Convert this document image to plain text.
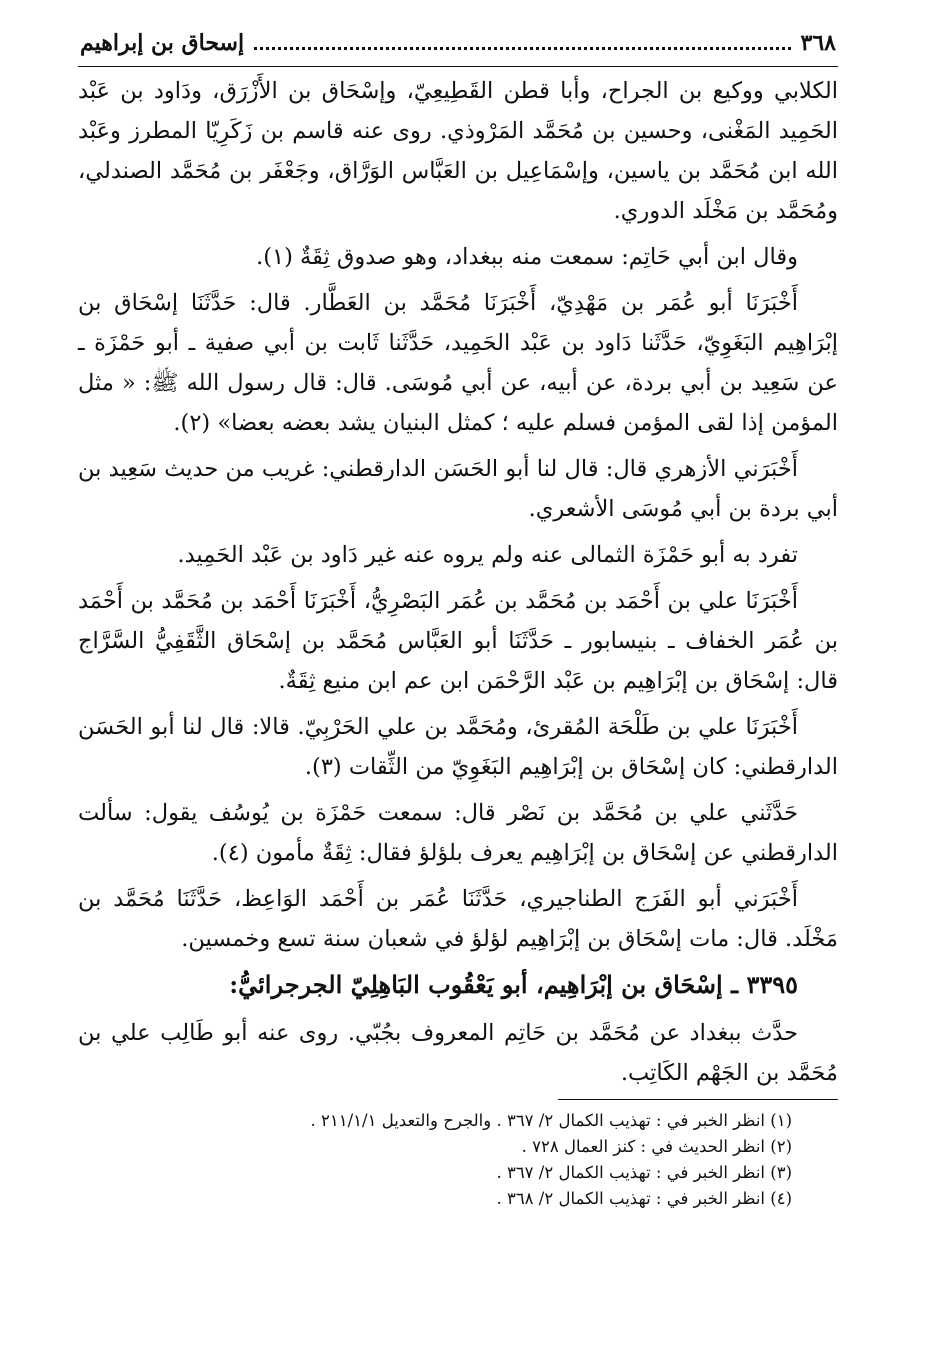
٣٦٨
إسحاق بن إبراهيم

الكلابي ووكيع بن الجراح، وأبا قطن القَطِيعِيّ، وإسْحَاق بن الأَزْرَق، ودَاود بن عَبْد الحَمِيد المَغْنى، وحسين بن مُحَمَّد المَرْوذي. روى عنه قاسم بن زَكَرِيّا المطرز وعَبْد الله ابن مُحَمَّد بن ياسين، وإسْمَاعِيل بن العَبَّاس الوَرَّاق، وجَعْفَر بن مُحَمَّد الصندلي، ومُحَمَّد بن مَخْلَد الدوري.

وقال ابن أبي حَاتِم: سمعت منه ببغداد، وهو صدوق ثِقَةٌ (١).

أَخْبَرَنَا أبو عُمَر بن مَهْدِيّ، أَخْبَرَنَا مُحَمَّد بن العَطَّار. قال: حَدَّثَنَا إسْحَاق بن إبْرَاهِيم البَغَوِيّ، حَدَّثَنا دَاود بن عَبْد الحَمِيد، حَدَّثَنا ثَابت بن أبي صفية ـ أبو حَمْزَة ـ عن سَعِيد بن أبي بردة، عن أبيه، عن أبي مُوسَى. قال: قال رسول الله ﷺ: « مثل المؤمن إذا لقى المؤمن فسلم عليه ؛ كمثل البنيان يشد بعضه بعضا» (٢).

أَخْبَرَني الأزهري قال: قال لنا أبو الحَسَن الدارقطني: غريب من حديث سَعِيد بن أبي بردة بن أبي مُوسَى الأشعري.

تفرد به أبو حَمْزَة الثمالى عنه ولم يروه عنه غير دَاود بن عَبْد الحَمِيد.

أَخْبَرَنَا علي بن أَحْمَد بن مُحَمَّد بن عُمَر البَصْرِيُّ، أَخْبَرَنَا أَحْمَد بن مُحَمَّد بن أَحْمَد بن عُمَر الخفاف ـ بنيسابور ـ حَدَّثَنَا أبو العَبَّاس مُحَمَّد بن إسْحَاق الثَّقَفِيُّ السَّرَّاج قال: إسْحَاق بن إبْرَاهِيم بن عَبْد الرَّحْمَن ابن عم ابن منيع ثِقَةٌ.

أَخْبَرَنَا علي بن طَلْحَة المُقرئ، ومُحَمَّد بن علي الحَرْبِيّ. قالا: قال لنا أبو الحَسَن الدارقطني: كان إسْحَاق بن إبْرَاهِيم البَغَوِيّ من الثِّقات (٣).

حَدَّثَني علي بن مُحَمَّد بن نَصْر قال: سمعت حَمْزَة بن يُوسُف يقول: سألت الدارقطني عن إسْحَاق بن إبْرَاهِيم يعرف بلؤلؤ فقال: ثِقَةٌ مأمون (٤).

أَخْبَرَني أبو الفَرَج الطناجيري، حَدَّثَنَا عُمَر بن أَحْمَد الوَاعِظ، حَدَّثَنَا مُحَمَّد بن مَخْلَد. قال: مات إسْحَاق بن إبْرَاهِيم لؤلؤ في شعبان سنة تسع وخمسين.

٣٣٩٥ ـ إسْحَاق بن إبْرَاهِيم، أبو يَعْقُوب البَاهِلِيّ الجرجرائيُّ:

حدَّث ببغداد عن مُحَمَّد بن حَاتِم المعروف بجُبّي. روى عنه أبو طَالِب علي بن مُحَمَّد بن الجَهْم الكَاتِب.

(١) انظر الخبر في : تهذيب الكمال ٢/ ٣٦٧ . والجرح والتعديل ٢١١/١/١ .
(٢) انظر الحديث في : كنز العمال ٧٢٨ .
(٣) انظر الخبر في : تهذيب الكمال ٢/ ٣٦٧ .
(٤) انظر الخبر في : تهذيب الكمال ٢/ ٣٦٨ .
